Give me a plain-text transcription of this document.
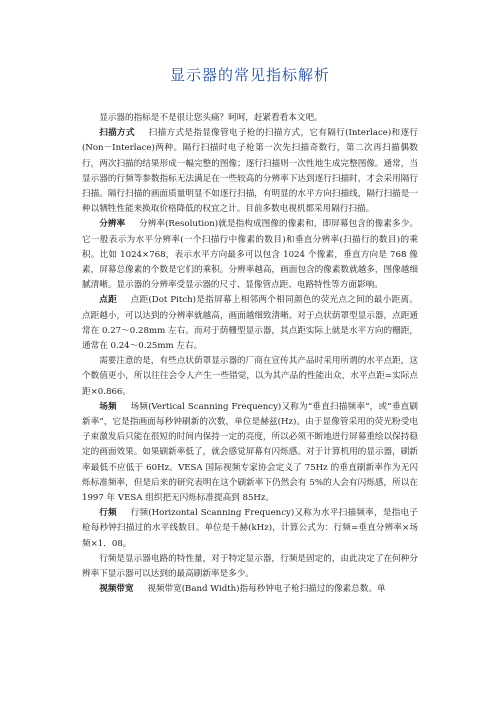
显示器的常见指标解析

显示器的指标是不是很让您头痛？呵呵，赶紧看看本文吧。

扫描方式 扫描方式是指显像管电子枪的扫描方式，它有隔行(Interlace)和逐行(Non－Interlace)两种。隔行扫描时电子枪第一次先扫描奇数行，第二次再扫描偶数行，两次扫描的结果形成一幅完整的图像；逐行扫描则一次性地生成完整图像。通常，当显示器的行频等参数指标无法满足在一些较高的分辨率下达到逐行扫描时，才会采用隔行扫描。隔行扫描的画面质量明显不如逐行扫描，有明显的水平方向扫描线，隔行扫描是一种以牺牲性能来换取价格降低的权宜之计。目前多数电视机都采用隔行扫描。

分辨率 分辨率(Resolution)就是指构成图像的像素和，即屏幕包含的像素多少。它一般表示为水平分辨率(一个扫描行中像素的数目)和垂直分辨率(扫描行的数目)的乘积。比如 1024×768，表示水平方向最多可以包含 1024 个像素，垂直方向是 768 像素，屏幕总像素的个数是它们的乘积。分辨率越高，画面包含的像素数就越多，图像越细腻清晰。显示器的分辨率受显示器的尺寸、显像管点距、电路特性等方面影响。

点距 点距(Dot Pitch)是指屏幕上相邻两个相同颜色的荧光点之间的最小距离。点距越小，可以达到的分辨率就越高，画面越细致清晰。对于点状荫罩型显示器，点距通常在 0.27～0.28mm 左右。而对于荫栅型显示器，其点距实际上就是水平方向的栅距，通常在 0.24～0.25mm 左右。

需要注意的是，有些点状荫罩显示器的厂商在宣传其产品时采用所谓的水平点距，这个数值更小，所以往往会令人产生一些错觉，以为其产品的性能出众，水平点距=实际点距×0.866。

场频 场频(Vertical Scanning Frequency)又称为“垂直扫描频率”，或“垂直刷新率”，它是指画面每秒钟刷新的次数，单位是赫兹(Hz)。由于显像管采用的荧光粉受电子束激发后只能在很短的时间内保持一定的亮度，所以必须不断地进行屏幕重绘以保持稳定的画面效果。如果刷新率低了，就会感觉屏幕有闪烁感。对于计算机用的显示器，刷新率最低不应低于 60Hz。VESA 国际视频专家协会定义了 75Hz 的垂直刷新率作为无闪烁标准频率，但是后来的研究表明在这个刷新率下仍然会有 5%的人会有闪烁感，所以在 1997 年 VESA 组织把无闪烁标准提高到 85Hz。

行频 行频(Horizontal Scanning Frequency)又称为水平扫描频率，是指电子枪每秒钟扫描过的水平线数目。单位是千赫(kHz)，计算公式为：行频=垂直分辨率×场频×1．08。

行频是显示器电路的特性量，对于特定显示器，行频是固定的，由此决定了在何种分辨率下显示器可以达到的最高刷新率是多少。

视频带宽 视频带宽(Band Width)指每秒钟电子枪扫描过的像素总数。单
